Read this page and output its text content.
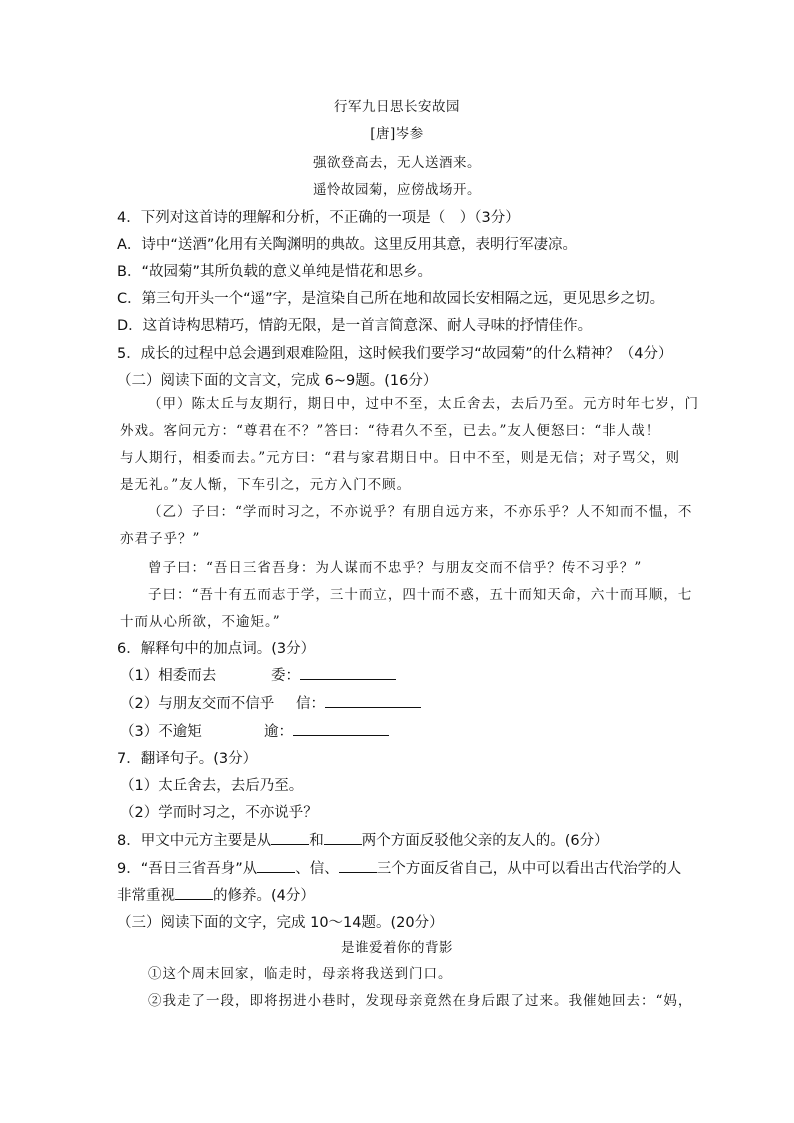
行军九日思长安故园
[唐]岑参
强欲登高去，无人送酒来。
遥怜故园菊，应傍战场开。
4．下列对这首诗的理解和分析，不正确的一项是（　）（3分）
A．诗中“送酒”化用有关陶渊明的典故。这里反用其意，表明行军凄凉。
B．“故园菊”其所负载的意义单纯是惜花和思乡。
C．第三句开头一个“遥”字，是渲染自己所在地和故园长安相隔之远，更见思乡之切。
D．这首诗构思精巧，情韵无限，是一首言简意深、耐人寻味的抒情佳作。
5．成长的过程中总会遇到艰难险阻，这时候我们要学习“故园菊”的什么精神？（4分）
（二）阅读下面的文言文，完成 6~9题。(16分）
（甲）陈太丘与友期行，期日中，过中不至，太丘舍去，去后乃至。元方时年七岁，门
外戏。客问元方：“尊君在不？”答曰：“待君久不至，已去。”友人便怒曰：“非人哉！
与人期行，相委而去。”元方曰：“君与家君期日中。日中不至，则是无信；对子骂父，则
是无礼。”友人惭，下车引之，元方入门不顾。
（乙）子曰：“学而时习之，不亦说乎？有朋自远方来，不亦乐乎？人不知而不愠，不
亦君子乎？”
曾子曰：“吾日三省吾身：为人谋而不忠乎？与朋友交而不信乎？传不习乎？”
子曰：“吾十有五而志于学，三十而立，四十而不惑，五十而知天命，六十而耳顺，七
十而从心所欲，不逾矩。”
6．解释句中的加点词。(3分）
（1）相委而去	委：
（2）与朋友交而不信乎 信：
（3）不逾矩	逾：
7．翻译句子。(3分）
（1）太丘舍去，去后乃至。
（2）学而时习之，不亦说乎？
8．甲文中元方主要是从	和	两个方面反驳他父亲的友人的。(6分）
9．“吾日三省吾身”从	、信、	三个方面反省自己，从中可以看出古代治学的人
非常重视	的修养。(4分）
（三）阅读下面的文字，完成 10～14题。(20分）
是谁爱着你的背影
①这个周末回家，临走时，母亲将我送到门口。
②我走了一段，即将拐进小巷时，发现母亲竟然在身后跟了过来。我催她回去：“妈，
